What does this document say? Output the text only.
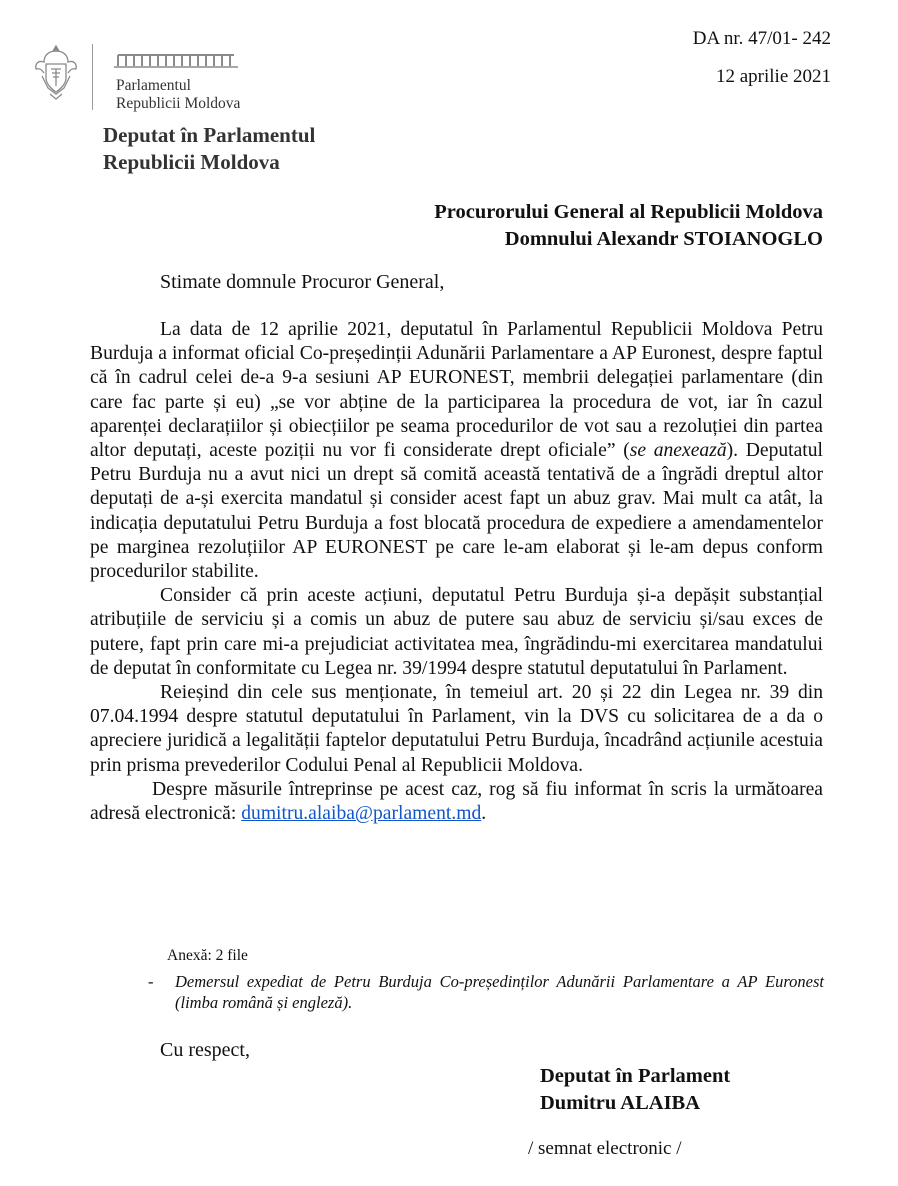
Parlamentul
Republicii Moldova
DA nr. 47/01- 242
12 aprilie 2021
Deputat în Parlamentul
Republicii Moldova
Procurorului General al Republicii Moldova
Domnului Alexandr STOIANOGLO
Stimate domnule Procuror General,

La data de 12 aprilie 2021, deputatul în Parlamentul Republicii Moldova Petru Burduja a informat oficial Co-președinții Adunării Parlamentare a AP Euronest, despre faptul că în cadrul celei de-a 9-a sesiuni AP EURONEST, membrii delegației parlamentare (din care fac parte și eu) „se vor abține de la participarea la procedura de vot, iar în cazul aparenței declarațiilor și obiecțiilor pe seama procedurilor de vot sau a rezoluției din partea altor deputați, aceste poziții nu vor fi considerate drept oficiale” (se anexează). Deputatul Petru Burduja nu a avut nici un drept să comită această tentativă de a îngrădi dreptul altor deputați de a-și exercita mandatul și consider acest fapt un abuz grav. Mai mult ca atât, la indicația deputatului Petru Burduja a fost blocată procedura de expediere a amendamentelor pe marginea rezoluțiilor AP EURONEST pe care le-am elaborat și le-am depus conform procedurilor stabilite.

Consider că prin aceste acțiuni, deputatul Petru Burduja și-a depășit substanțial atribuțiile de serviciu și a comis un abuz de putere sau abuz de serviciu și/sau exces de putere, fapt prin care mi-a prejudiciat activitatea mea, îngrădindu-mi exercitarea mandatului de deputat în conformitate cu Legea nr. 39/1994 despre statutul deputatului în Parlament.

Reieșind din cele sus menționate, în temeiul art. 20 și 22 din Legea nr. 39 din 07.04.1994 despre statutul deputatului în Parlament, vin la DVS cu solicitarea de a da o apreciere juridică a legalității faptelor deputatului Petru Burduja, încadrând acțiunile acestuia prin prisma prevederilor Codului Penal al Republicii Moldova.

Despre măsurile întreprinse pe acest caz, rog să fiu informat în scris la următoarea adresă electronică: dumitru.alaiba@parlament.md.

Anexă: 2 file
- Demersul expediat de Petru Burduja Co-președinților Adunării Parlamentare a AP Euronest (limba română și engleză).
Cu respect,
Deputat în Parlament
Dumitru ALAIBA
/ semnat electronic /
